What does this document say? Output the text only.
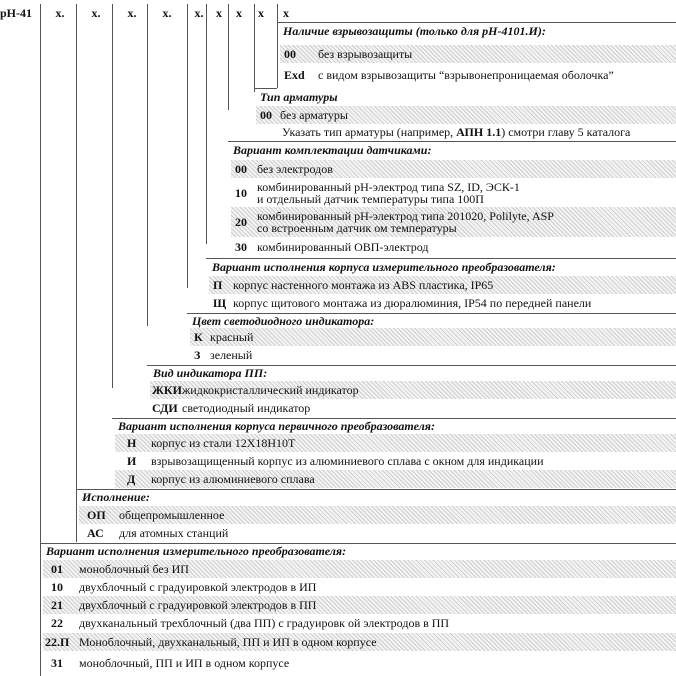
рН-41	х.	х.	х.	х.	х.	х	х	х	х
Наличие взрывозащиты (только для рН-4101.И):
00	без взрывозащиты
Exd	с видом взрывозащиты “взрывонепроницаемая оболочка”
Тип арматуры
00 без арматуры
Указать тип арматуры (например, АПН 1.1) смотри главу 5 каталога
Вариант комплектации датчиками:
00 без электродов
10 комбинированный рН-электрод типа SZ, ID, ЭСК-1
и отдельный датчик температуры типа 100П
20 комбинированный рН-электрод типа 201020, Polilyte, ASP
со встроенным датчик ом температуры
30 комбинированный ОВП-электрод
Вариант исполнения корпуса измерительного преобразователя:
П корпус настенного монтажа из ABS пластика, IP65
Щ корпус щитового монтажа из дюралюминия, IP54 по передней панели
Цвет светодиодного индикатора:
К красный
З зеленый
Вид индикатора ПП:
ЖКИ жидкокристаллический индикатор
СДИ светодиодный индикатор
Вариант исполнения корпуса первичного преобразователя:
Н	корпус из стали 12Х18Н10Т
И	взрывозащищенный корпус из алюминиевого сплава с окном для индикации
Д	корпус из алюминиевого сплава
Исполнение:
ОП	общепромышленное
АС	для атомных станций
Вариант исполнения измерительного преобразователя:
01	моноблочный без ИП
10	двухблочный с градуировкой электродов в ИП
21	двухблочный с градуировкой электродов в ПП
22	двухканальный трехблочный (два ПП) с градуировк ой электродов в ПП
22.П Моноблочный, двухканальный, ПП и ИП в одном корпусе
31	моноблочный, ПП и ИП в одном корпусе
